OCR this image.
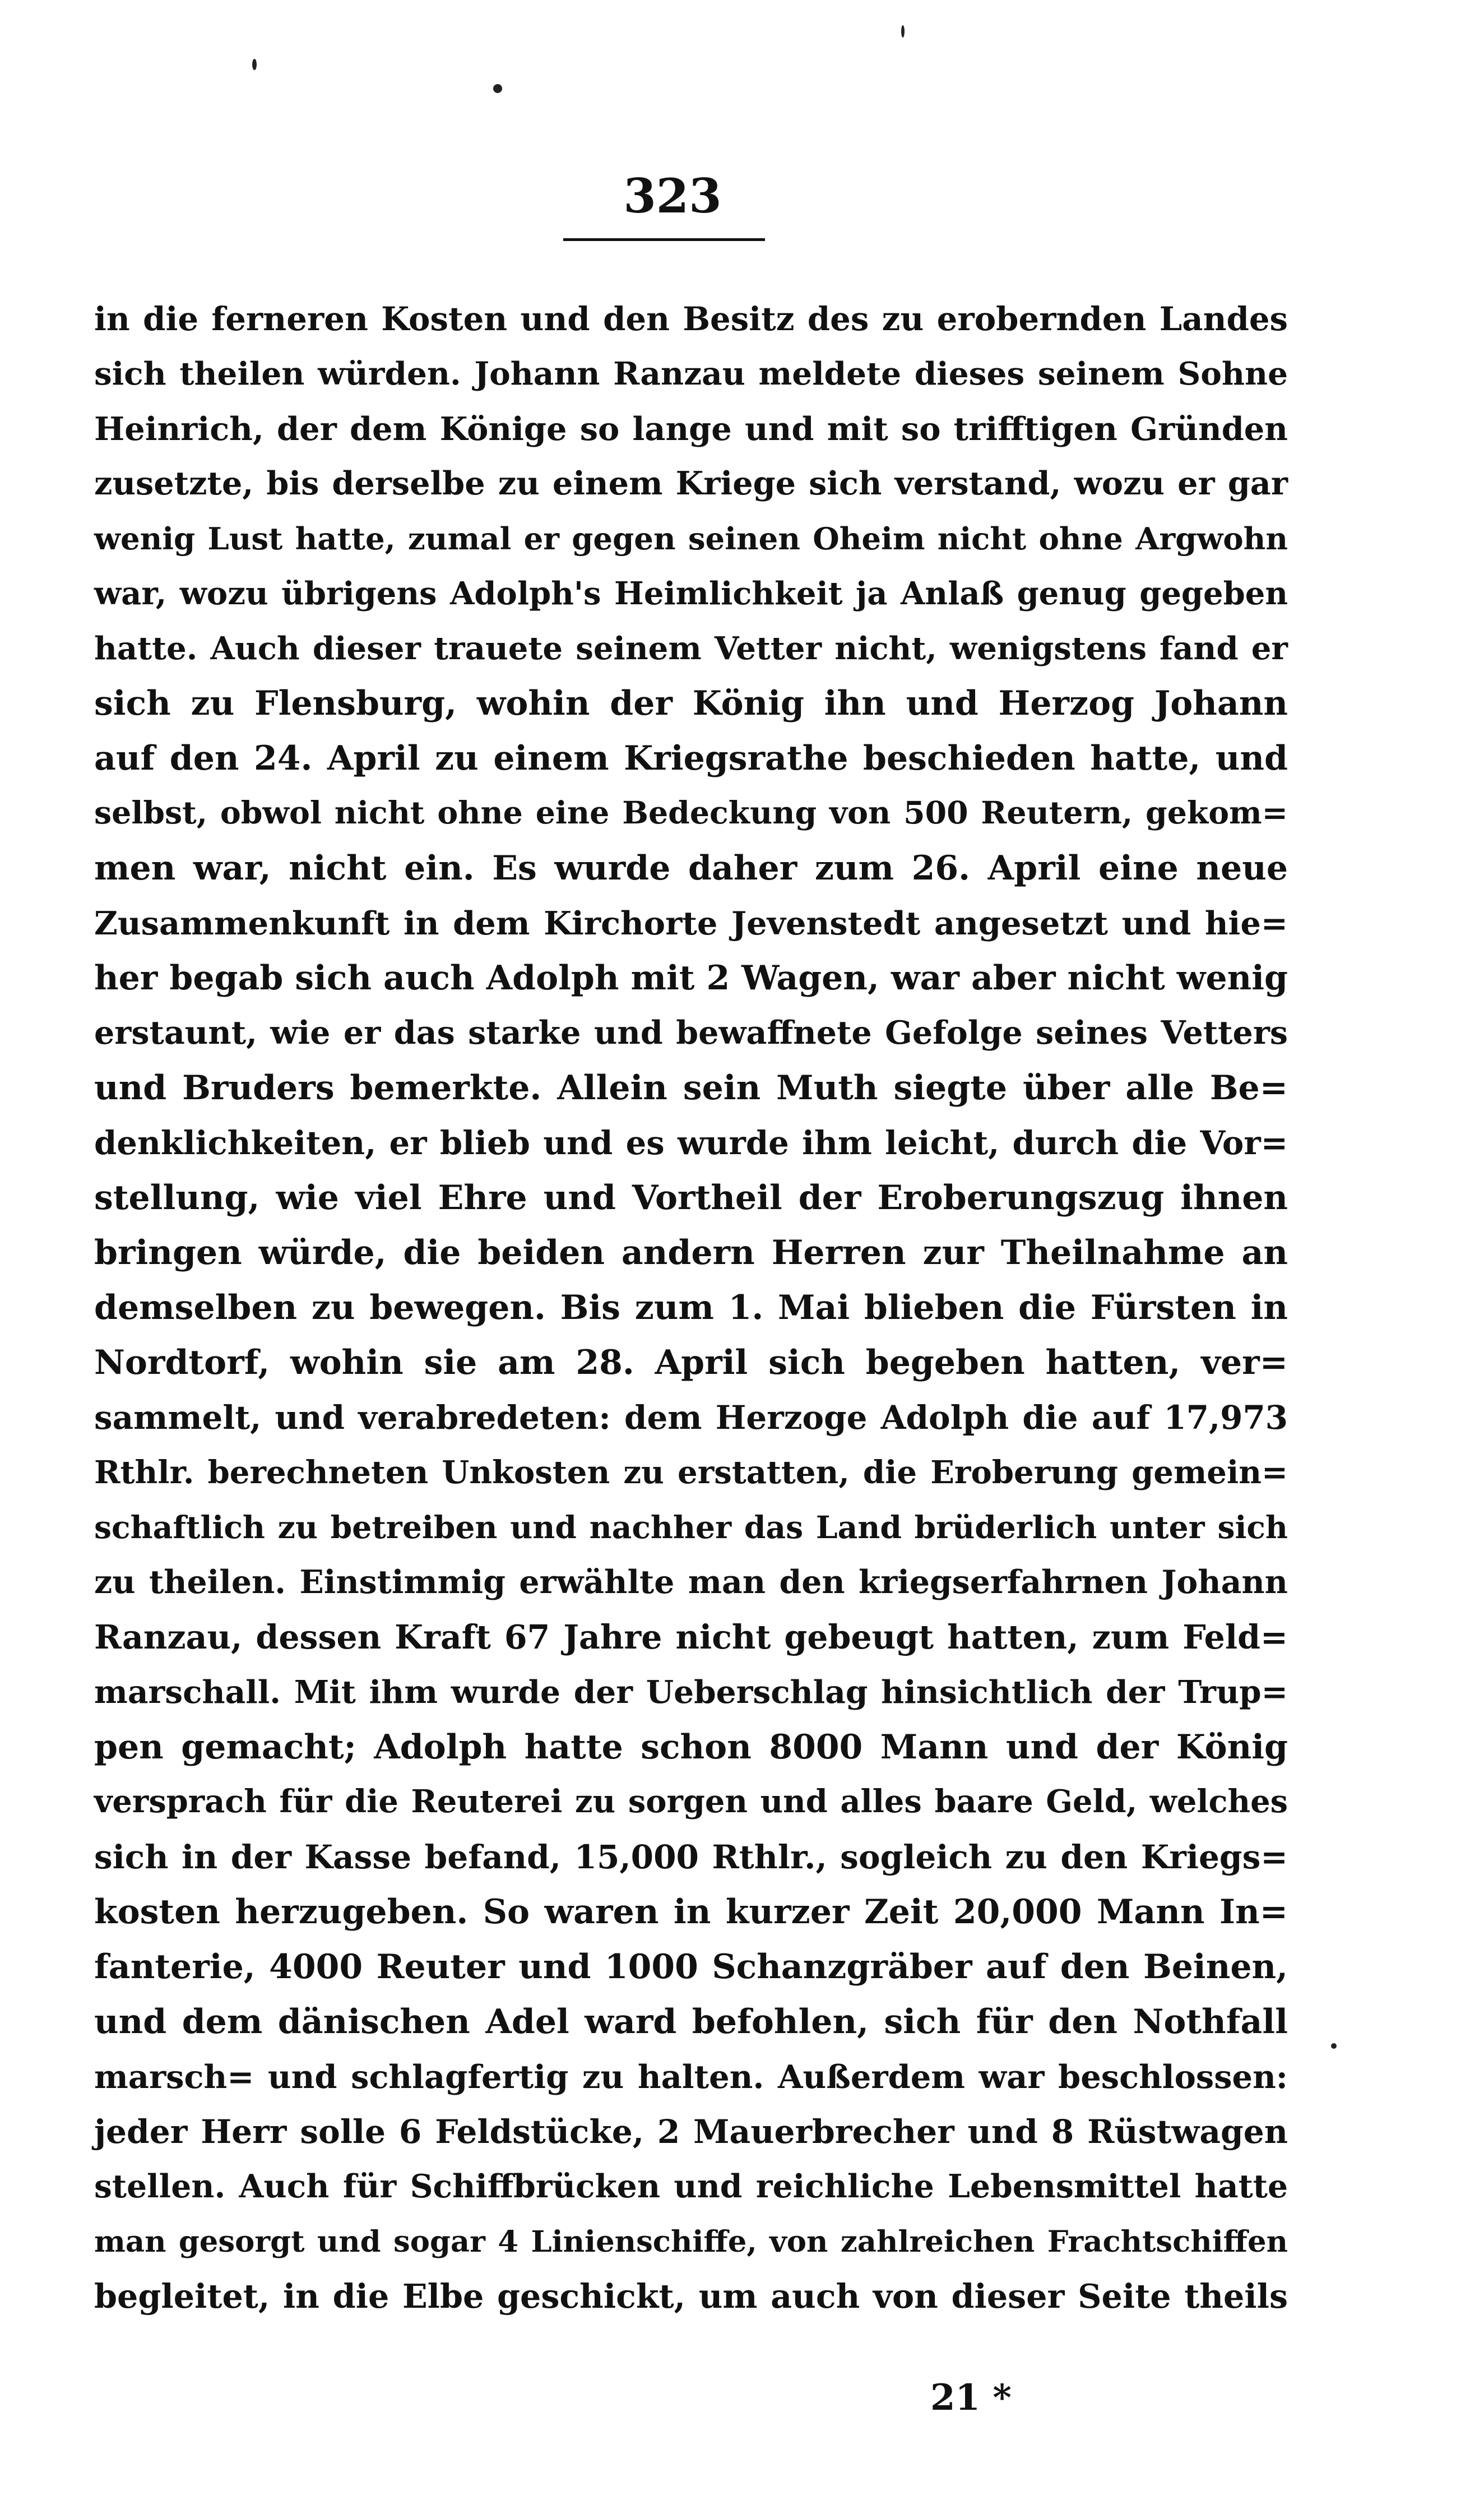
323
in die ferneren Kosten und den Besitz des zu erobernden Landes
sich theilen würden. Johann Ranzau meldete dieses seinem Sohne
Heinrich, der dem Könige so lange und mit so trifftigen Gründen
zusetzte, bis derselbe zu einem Kriege sich verstand, wozu er gar
wenig Lust hatte, zumal er gegen seinen Oheim nicht ohne Argwohn
war, wozu übrigens Adolph's Heimlichkeit ja Anlaß genug gegeben
hatte. Auch dieser trauete seinem Vetter nicht, wenigstens fand er
sich zu Flensburg, wohin der König ihn und Herzog Johann
auf den 24. April zu einem Kriegsrathe beschieden hatte, und
selbst, obwol nicht ohne eine Bedeckung von 500 Reutern, gekom=
men war, nicht ein. Es wurde daher zum 26. April eine neue
Zusammenkunft in dem Kirchorte Jevenstedt angesetzt und hie=
her begab sich auch Adolph mit 2 Wagen, war aber nicht wenig
erstaunt, wie er das starke und bewaffnete Gefolge seines Vetters
und Bruders bemerkte. Allein sein Muth siegte über alle Be=
denklichkeiten, er blieb und es wurde ihm leicht, durch die Vor=
stellung, wie viel Ehre und Vortheil der Eroberungszug ihnen
bringen würde, die beiden andern Herren zur Theilnahme an
demselben zu bewegen. Bis zum 1. Mai blieben die Fürsten in
Nordtorf, wohin sie am 28. April sich begeben hatten, ver=
sammelt, und verabredeten: dem Herzoge Adolph die auf 17,973
Rthlr. berechneten Unkosten zu erstatten, die Eroberung gemein=
schaftlich zu betreiben und nachher das Land brüderlich unter sich
zu theilen. Einstimmig erwählte man den kriegserfahrnen Johann
Ranzau, dessen Kraft 67 Jahre nicht gebeugt hatten, zum Feld=
marschall. Mit ihm wurde der Ueberschlag hinsichtlich der Trup=
pen gemacht; Adolph hatte schon 8000 Mann und der König
versprach für die Reuterei zu sorgen und alles baare Geld, welches
sich in der Kasse befand, 15,000 Rthlr., sogleich zu den Kriegs=
kosten herzugeben. So waren in kurzer Zeit 20,000 Mann In=
fanterie, 4000 Reuter und 1000 Schanzgräber auf den Beinen,
und dem dänischen Adel ward befohlen, sich für den Nothfall
marsch= und schlagfertig zu halten. Außerdem war beschlossen:
jeder Herr solle 6 Feldstücke, 2 Mauerbrecher und 8 Rüstwagen
stellen. Auch für Schiffbrücken und reichliche Lebensmittel hatte
man gesorgt und sogar 4 Linienschiffe, von zahlreichen Frachtschiffen
begleitet, in die Elbe geschickt, um auch von dieser Seite theils
21 *
